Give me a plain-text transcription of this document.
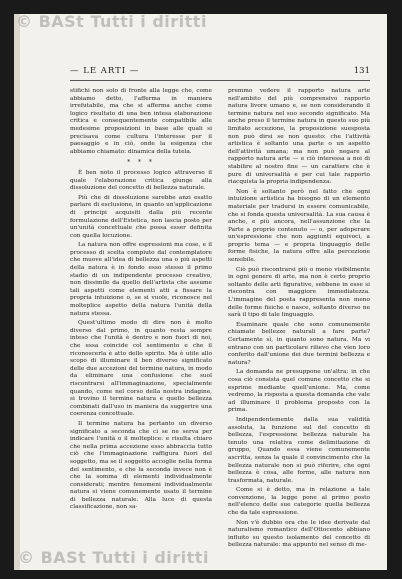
© BASt Tutti i diritti
— LE ARTI —	131

stifichi non solo di fronte alla legge che, come abbiamo detto, l'afferma in maniera irrefutabile, ma che si afferma anche come logico risultato di una ben intesa elaborazione critica e consequentemente compatibile alle medesime proposizioni in base alle quali si precisava come cultura l'interesse per il paesaggio e in ciò, onde la esigenza che abbiamo chiamato: dinamica della tutela.

* * *

È ben noto il processo logico attraverso il quale l'elaborazione critica giunge alla dissoluzione del concetto di bellezza naturale.

Più che di dissoluzione sarebbe anzi esatto parlare di esclusione, in quanto un'applicazione di principi acquisiti dalla più recente formulazione dell'Estetica, non lascia posto per un'unità concettuale che possa esser definita con quella locuzione.

La natura non offre espressioni ma cose, e il processo di scelta compiuto dal contemplatore che muove all'idea di bellezza una o più aspetti della natura è in fondo esso stesso il primo stadio di un indipendente processo creativo, non dissimile da quello dell'artista che assume tali aspetti come elementi atti a fissare la propria intuizione o, se si vuole, riconosce nel molteplice aspetto della natura l'unità della natura stessa.

Quest'ultimo modo di dire non è molto diverso dal primo, in quanto resta sempre inteso che l'unità è dentro e non fuori di noi, che essa coincide col sentimento e che il riconoscerla è atto dello spirito. Ma è utile allo scopo di illuminare il ben diverso significato delle due accezioni del termine natura, in modo da eliminare una confusione che suol riscontrarsi all'immaginazione, specialmente quando, come nel corso della nostra indagine, si trovino il termine natura e quello bellezza combinati dall'uso in maniera da suggerire una coerenza concettuale.

Il termine natura ha pertanto un diverso significato a seconda che ci se ne serva per indicare l'unità o il molteplice: e risulta chiaro che nella prima accezione esso abbraccia tutto ciò che l'immaginazione raffigura fuori del soggetto, ma se il soggetto accoglie nella forma del sentimento, e che la seconda invece non è che la somma di elementi individualmente considerati; mentre fenomeni individualmente natura si viene comunemente usato il termine di bellezza naturale. Alla luce di questa classificazione, non sa-

premmo vedere il rapporto natura arte nell'ambito del più comprensivo rapporto natura livore umano e, se non considerando il termine natura nel suo secondo significato. Ma anche preso il termine natura in questo suo più limitato accezione, la proposizione suesposta non può dirsi se non questo: che l'attività artistica è soltanto una parte o un aspetto dell'attività umana; ma non può negare al rapporto natura arte — e ciò interessa a noi di stabilire al nostro fine — un carattere che è pure di universalità e per cui tale rapporto riacquista la propria indipendenza.

Non è soltanto però nel fatto che ogni intuizione artistica ha bisogno di un elemento materiale per tradursi in essere comunicabile, che si fonda questa universalità. La sua causa è anche, e più ancora, nell'assunzione che la Parte a proprio contenuto — o, per adoperare un'espressione che non aggiunti equivoci, a proprio tema — e propria linguaggio delle forme fisiche, la natura offre alla percezione sensibile.

Ciò può riscontrarsi più o meno visibilmente in ogni genere di arte, ma non è certo proprio soltanto delle arti figurative, sebbene in esse si riscontra con maggiore immediatezza. L'immagine del poeta rappresenta non meno delle forme fisiche e nasce, soltanto diverso ne sarà il tipo di tale linguaggio.

Esaminare quale che sono comunemente chiamate bellezze naturali a fare parte? Certamente sì, in quanto sono natura. Ma vi entrano con un particolare rilievo che vien loro conferito dall'unione dei due termini bellezza e natura?

La domanda ne presuppone un'altra: in che cosa ciò consista quel comune concetto che si esprime mediante quell'unione. Ma, come vedremo, la risposta a questa domanda che vale ad illuminare il problema proposto con la prima.

Indipendentemente dalla sua validità assoluta, la funzione sul del concetto di bellezza, l'espressione bellezza naturale ha tenuto una relativa come delimitazione di gruppo, Quando essa viene comunemente ascritta, senza la quale il convincimento che la bellezza naturale non si può riferire, che ogni bellezza è cosa, alle forme, alle natura non trasformata, naturale.

Come si è detto, ma in relazione a tale convenzione, la legge pone al primo posto nell'elenco delle sue categorie quella bellezza che da tale espressione.

Non v'è dubbio ora che le idee derivate dal naturalismo romantico dell'Ottocento abbiano influito su questo isolamento del concetto di bellezza naturale: ma appunto nel senso di me-

© BASt Tutti i diritti
